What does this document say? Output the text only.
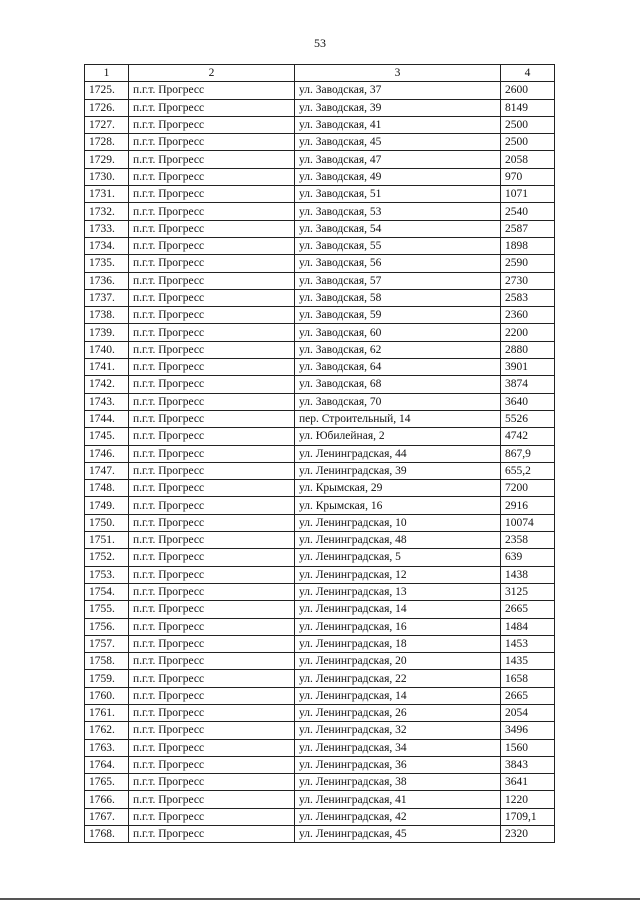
53
1	2	3	4
1725.	п.г.т. Прогресс	ул. Заводская, 37	2600
1726.	п.г.т. Прогресс	ул. Заводская, 39	8149
1727.	п.г.т. Прогресс	ул. Заводская, 41	2500
1728.	п.г.т. Прогресс	ул. Заводская, 45	2500
1729.	п.г.т. Прогресс	ул. Заводская, 47	2058
1730.	п.г.т. Прогресс	ул. Заводская, 49	970
1731.	п.г.т. Прогресс	ул. Заводская, 51	1071
1732.	п.г.т. Прогресс	ул. Заводская, 53	2540
1733.	п.г.т. Прогресс	ул. Заводская, 54	2587
1734.	п.г.т. Прогресс	ул. Заводская, 55	1898
1735.	п.г.т. Прогресс	ул. Заводская, 56	2590
1736.	п.г.т. Прогресс	ул. Заводская, 57	2730
1737.	п.г.т. Прогресс	ул. Заводская, 58	2583
1738.	п.г.т. Прогресс	ул. Заводская, 59	2360
1739.	п.г.т. Прогресс	ул. Заводская, 60	2200
1740.	п.г.т. Прогресс	ул. Заводская, 62	2880
1741.	п.г.т. Прогресс	ул. Заводская, 64	3901
1742.	п.г.т. Прогресс	ул. Заводская, 68	3874
1743.	п.г.т. Прогресс	ул. Заводская, 70	3640
1744.	п.г.т. Прогресс	пер. Строительный, 14	5526
1745.	п.г.т. Прогресс	ул. Юбилейная, 2	4742
1746.	п.г.т. Прогресс	ул. Ленинградская, 44	867,9
1747.	п.г.т. Прогресс	ул. Ленинградская, 39	655,2
1748.	п.г.т. Прогресс	ул. Крымская, 29	7200
1749.	п.г.т. Прогресс	ул. Крымская, 16	2916
1750.	п.г.т. Прогресс	ул. Ленинградская, 10	10074
1751.	п.г.т. Прогресс	ул. Ленинградская, 48	2358
1752.	п.г.т. Прогресс	ул. Ленинградская, 5	639
1753.	п.г.т. Прогресс	ул. Ленинградская, 12	1438
1754.	п.г.т. Прогресс	ул. Ленинградская, 13	3125
1755.	п.г.т. Прогресс	ул. Ленинградская, 14	2665
1756.	п.г.т. Прогресс	ул. Ленинградская, 16	1484
1757.	п.г.т. Прогресс	ул. Ленинградская, 18	1453
1758.	п.г.т. Прогресс	ул. Ленинградская, 20	1435
1759.	п.г.т. Прогресс	ул. Ленинградская, 22	1658
1760.	п.г.т. Прогресс	ул. Ленинградская, 14	2665
1761.	п.г.т. Прогресс	ул. Ленинградская, 26	2054
1762.	п.г.т. Прогресс	ул. Ленинградская, 32	3496
1763.	п.г.т. Прогресс	ул. Ленинградская, 34	1560
1764.	п.г.т. Прогресс	ул. Ленинградская, 36	3843
1765.	п.г.т. Прогресс	ул. Ленинградская, 38	3641
1766.	п.г.т. Прогресс	ул. Ленинградская, 41	1220
1767.	п.г.т. Прогресс	ул. Ленинградская, 42	1709,1
1768.	п.г.т. Прогресс	ул. Ленинградская, 45	2320
